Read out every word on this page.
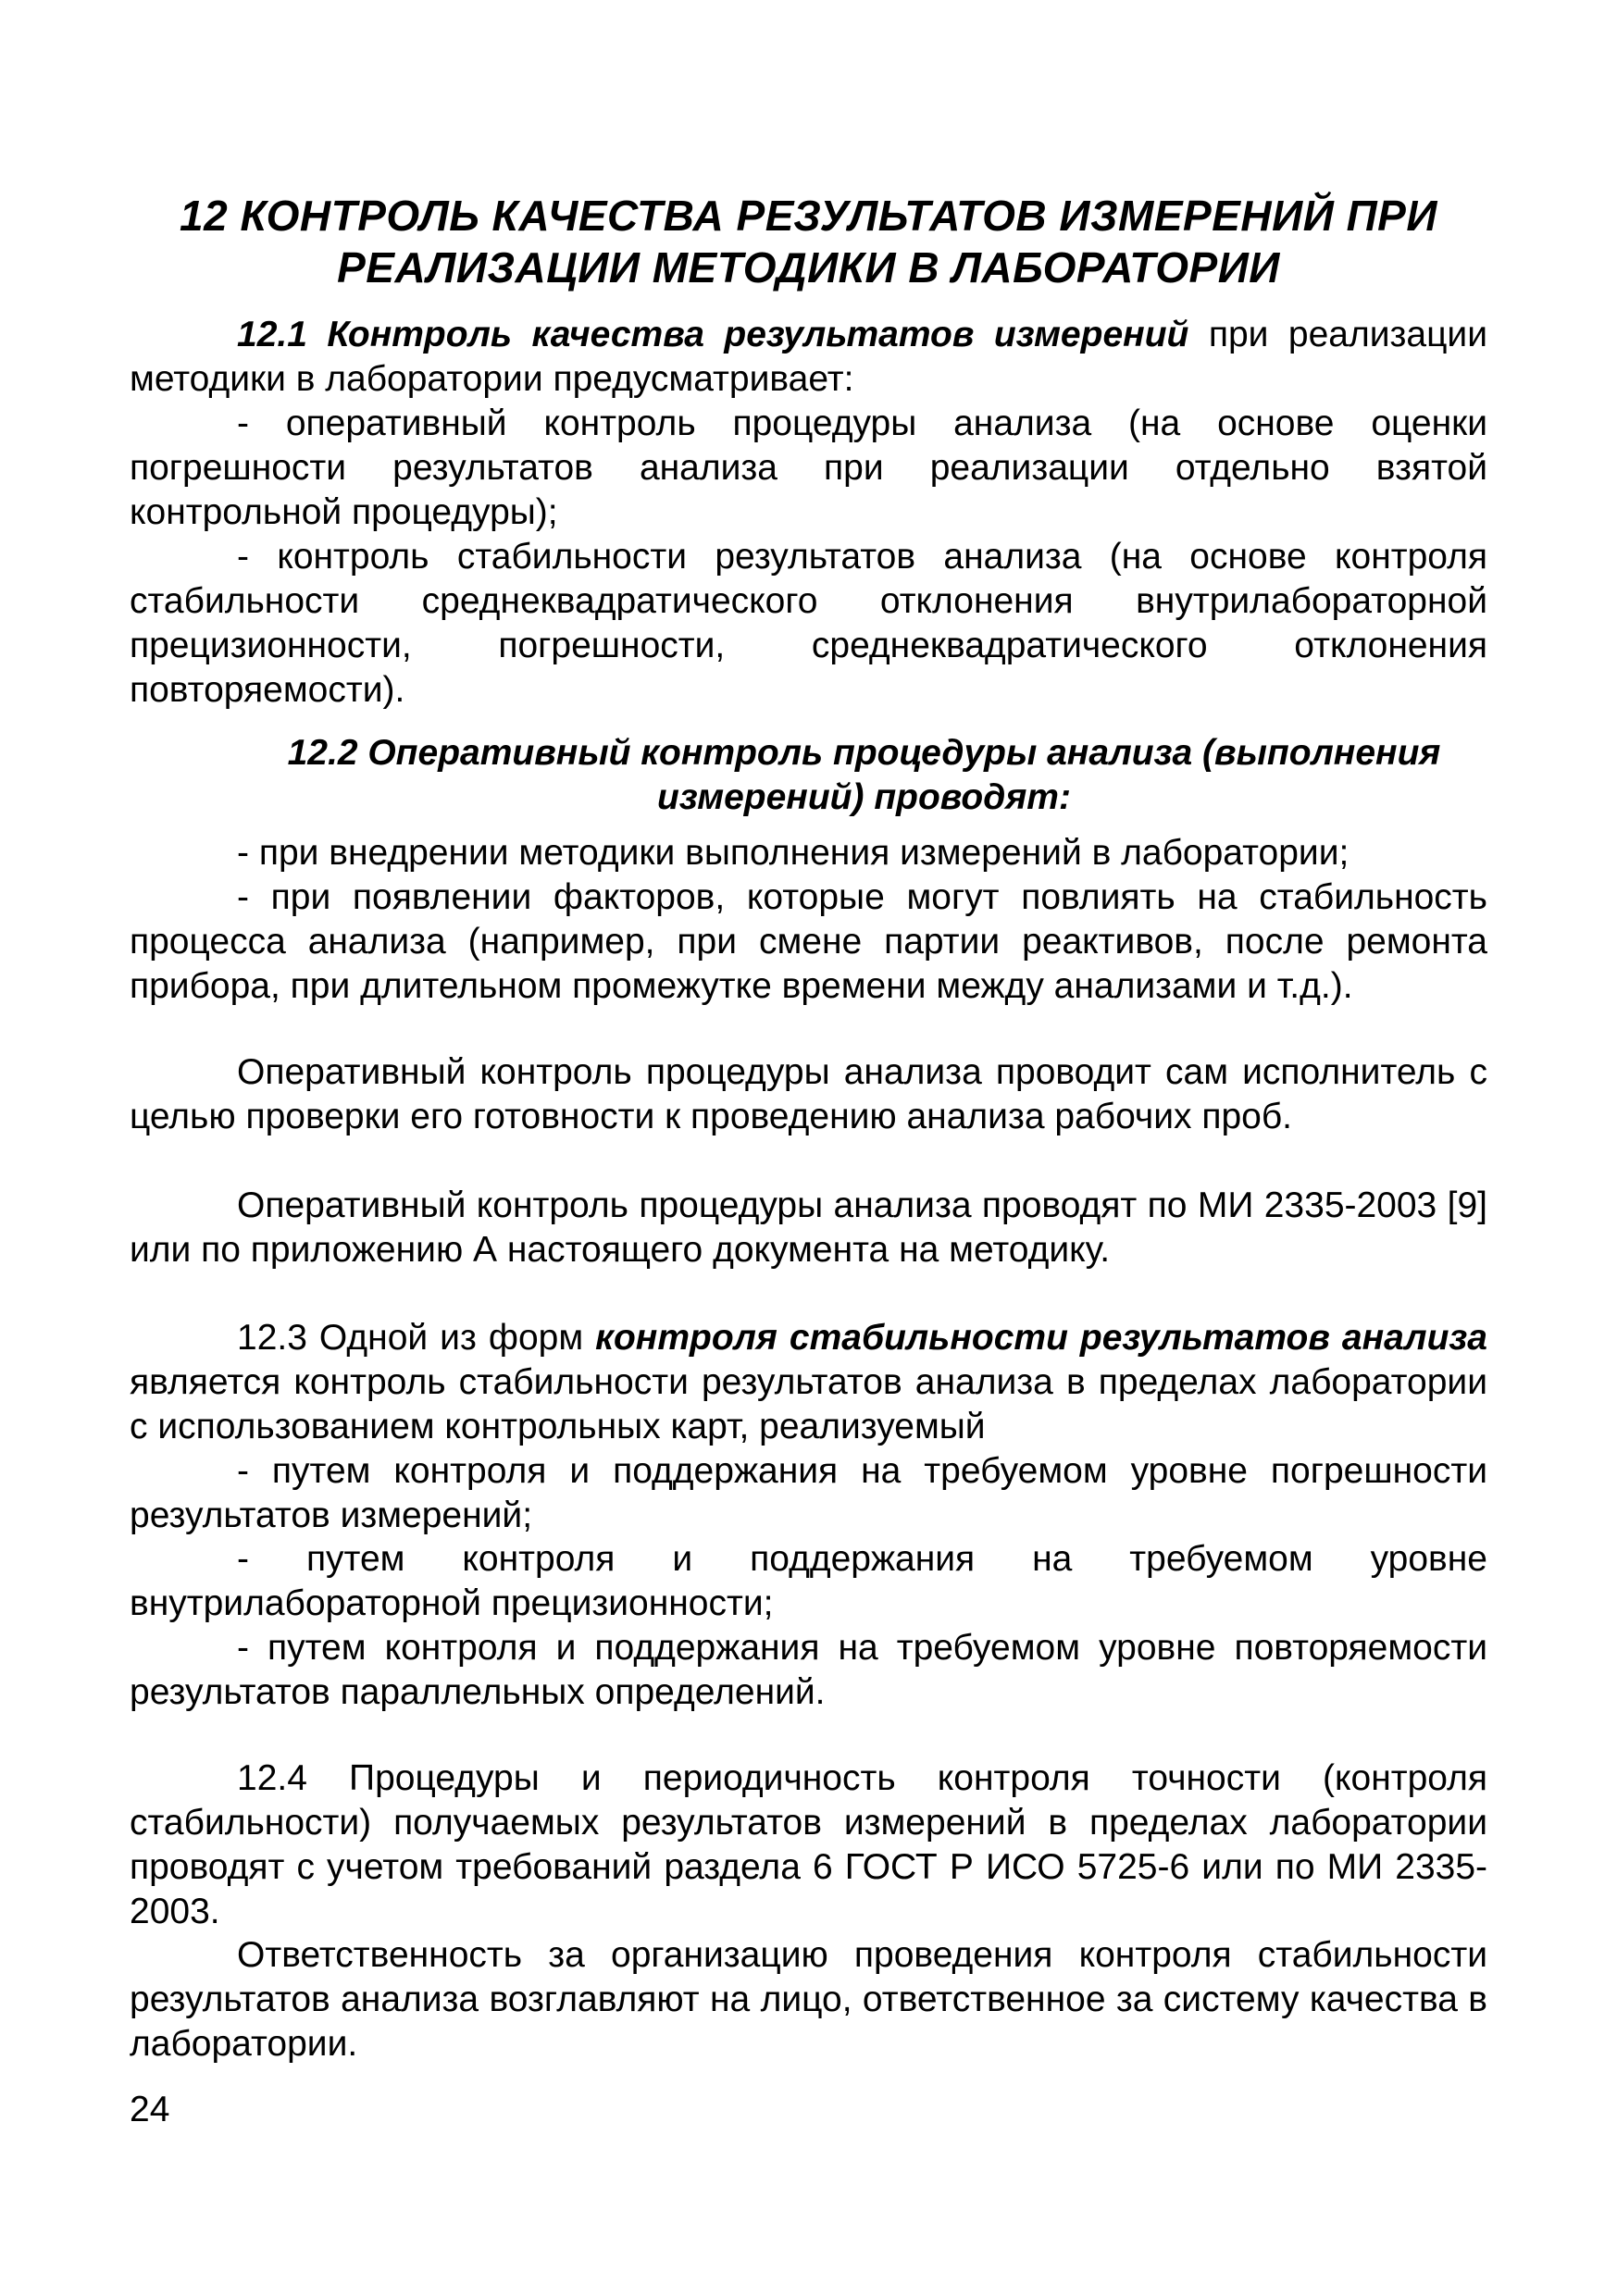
12 КОНТРОЛЬ КАЧЕСТВА РЕЗУЛЬТАТОВ ИЗМЕРЕНИЙ ПРИ
РЕАЛИЗАЦИИ МЕТОДИКИ В ЛАБОРАТОРИИ
12.1 Контроль качества результатов измерений при реализации методики в лаборатории предусматривает:
- оперативный контроль процедуры анализа (на основе оценки погрешности результатов анализа при реализации отдельно взятой контрольной процедуры);
- контроль стабильности результатов анализа (на основе контроля стабильности среднеквадратического отклонения внутрилабораторной прецизионности, погрешности, среднеквадратического отклонения повторяемости).
12.2 Оперативный контроль процедуры анализа (выполнения
измерений) проводят:
- при внедрении методики выполнения измерений в лаборатории;
- при появлении факторов, которые могут повлиять на стабильность процесса анализа (например, при смене партии реактивов, после ремонта прибора, при длительном промежутке времени между анализами и т.д.).
Оперативный контроль процедуры анализа проводит сам исполнитель с целью проверки его готовности к проведению анализа рабочих проб.
Оперативный контроль процедуры анализа проводят по МИ 2335-2003 [9] или по приложению А настоящего документа на методику.
12.3 Одной из форм контроля стабильности результатов анализа является контроль стабильности результатов анализа в пределах лаборатории с использованием контрольных карт, реализуемый
- путем контроля и поддержания на требуемом уровне погрешности результатов измерений;
- путем контроля и поддержания на требуемом уровне внутрилабораторной прецизионности;
- путем контроля и поддержания на требуемом уровне повторяемости результатов параллельных определений.
12.4 Процедуры и периодичность контроля точности (контроля стабильности) получаемых результатов измерений в пределах лаборатории проводят с учетом требований раздела 6 ГОСТ Р ИСО 5725-6 или по МИ 2335-2003.
Ответственность за организацию проведения контроля стабильности результатов анализа возглавляют на лицо, ответственное за систему качества в лаборатории.
24
